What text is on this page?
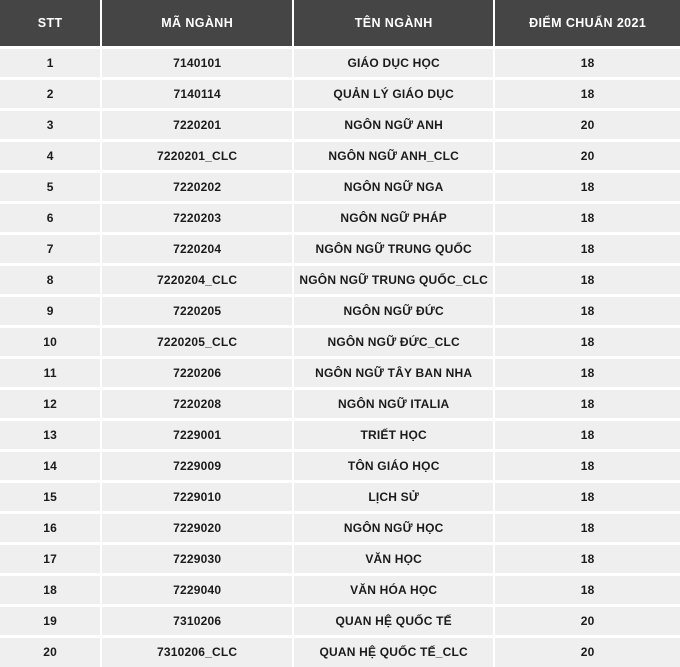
STT	MÃ NGÀNH	TÊN NGÀNH	ĐIỂM CHUẨN 2021
1	7140101	GIÁO DỤC HỌC	18
2	7140114	QUẢN LÝ GIÁO DỤC	18
3	7220201	NGÔN NGỮ ANH	20
4	7220201_CLC	NGÔN NGỮ ANH_CLC	20
5	7220202	NGÔN NGỮ NGA	18
6	7220203	NGÔN NGỮ PHÁP	18
7	7220204	NGÔN NGỮ TRUNG QUỐC	18
8	7220204_CLC	NGÔN NGỮ TRUNG QUỐC_CLC	18
9	7220205	NGÔN NGỮ ĐỨC	18
10	7220205_CLC	NGÔN NGỮ ĐỨC_CLC	18
11	7220206	NGÔN NGỮ TÂY BAN NHA	18
12	7220208	NGÔN NGỮ ITALIA	18
13	7229001	TRIẾT HỌC	18
14	7229009	TÔN GIÁO HỌC	18
15	7229010	LỊCH SỬ	18
16	7229020	NGÔN NGỮ HỌC	18
17	7229030	VĂN HỌC	18
18	7229040	VĂN HÓA HỌC	18
19	7310206	QUAN HỆ QUỐC TẾ	20
20	7310206_CLC	QUAN HỆ QUỐC TẾ_CLC	20
